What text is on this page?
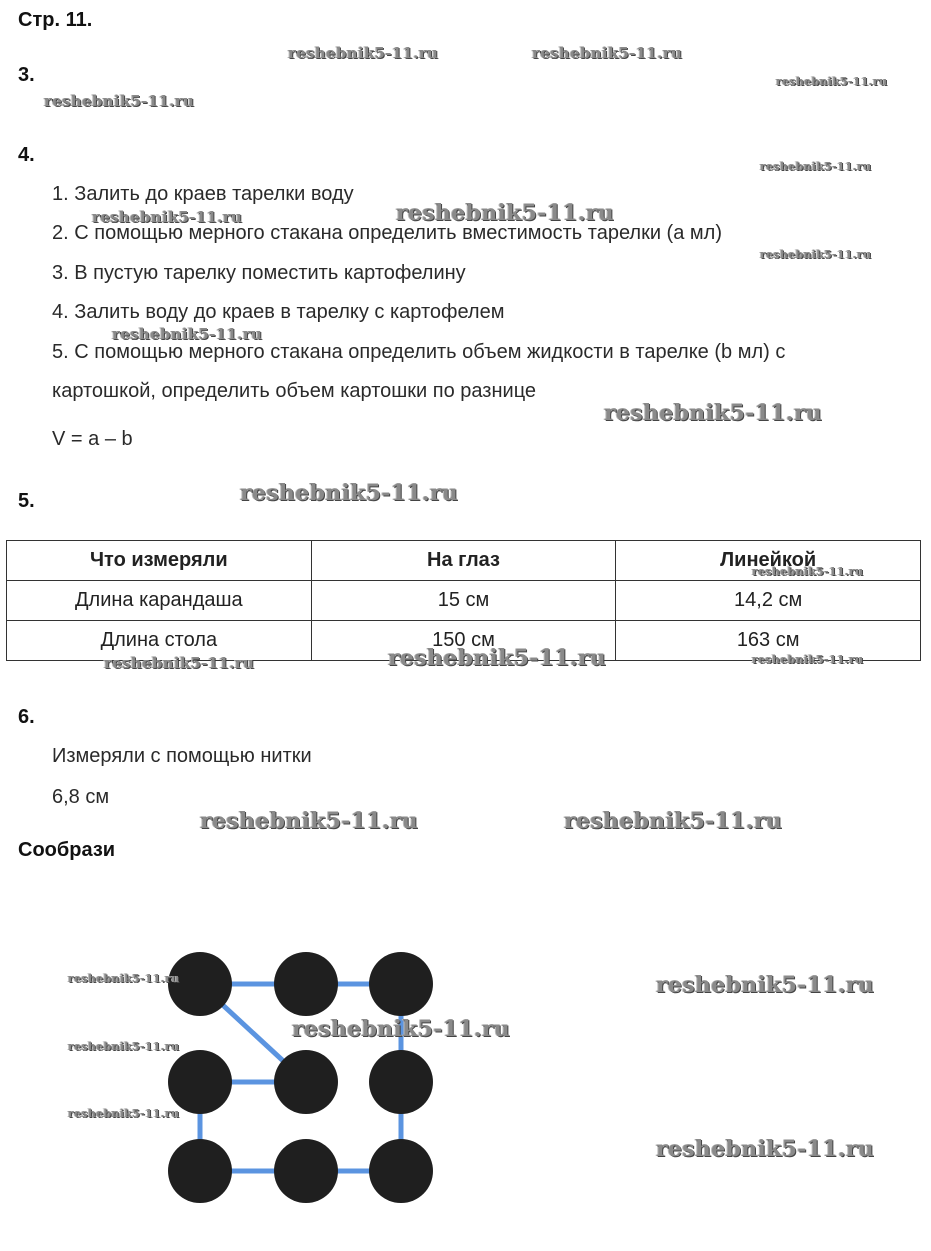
Стр. 11.
3.
4.
1. Залить до краев тарелки воду
2. С помощью мерного стакана определить вместимость тарелки (a мл)
3. В пустую тарелку поместить картофелину
4. Залить воду до краев в тарелку с картофелем
5. С помощью мерного стакана определить объем жидкости в тарелке (b мл) с
картошкой, определить объем картошки по разнице
V = a – b
5.
Что измеряли	На глаз	Линейкой
Длина карандаша	15 см	14,2 см
Длина стола	150 см	163 см
6.
Измеряли с помощью нитки
6,8 см
Сообрази
reshebnik5-11.ru	reshebnik5-11.ru
reshebnik5-11.ru
reshebnik5-11.ru
reshebnik5-11.ru
reshebnik5-11.ru	reshebnik5-11.ru
reshebnik5-11.ru
reshebnik5-11.ru
reshebnik5-11.ru
reshebnik5-11.ru
reshebnik5-11.ru
reshebnik5-11.ru	reshebnik5-11.ru	reshebnik5-11.ru
reshebnik5-11.ru	reshebnik5-11.ru
reshebnik5-11.ru	reshebnik5-11.ru
reshebnik5-11.ru
reshebnik5-11.ru
reshebnik5-11.ru
reshebnik5-11.ru
